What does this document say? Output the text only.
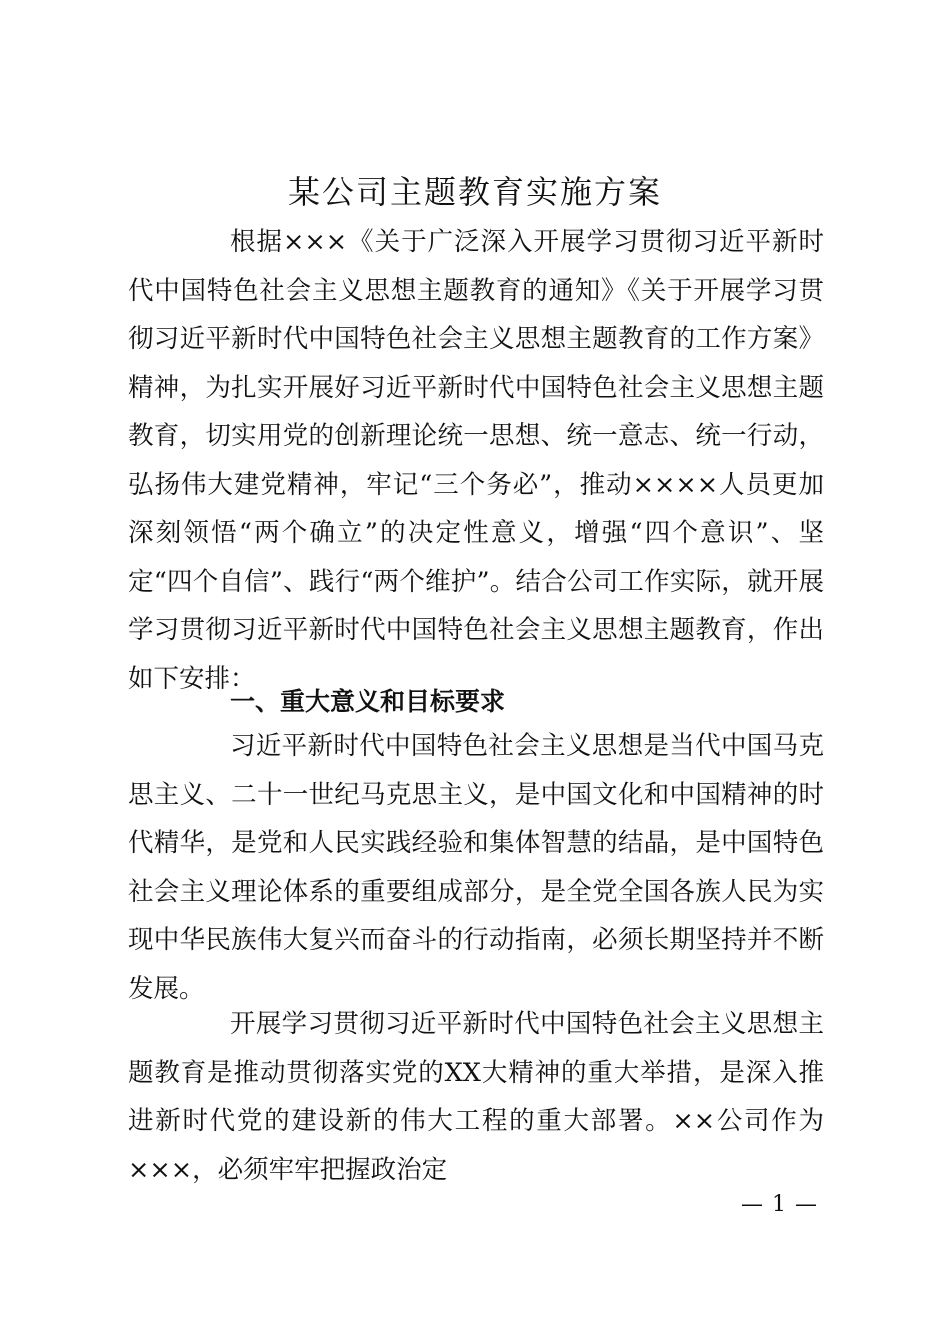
某公司主题教育实施方案

根据×××《关于广泛深入开展学习贯彻习近平新时代中国特色社会主义思想主题教育的通知》《关于开展学习贯彻习近平新时代中国特色社会主义思想主题教育的工作方案》精神，为扎实开展好习近平新时代中国特色社会主义思想主题教育，切实用党的创新理论统一思想、统一意志、统一行动，弘扬伟大建党精神，牢记“三个务必”，推动××××人员更加深刻领悟“两个确立”的决定性意义，增强“四个意识”、坚定“四个自信”、践行“两个维护”。结合公司工作实际，就开展学习贯彻习近平新时代中国特色社会主义思想主题教育，作出如下安排：

一、重大意义和目标要求

习近平新时代中国特色社会主义思想是当代中国马克思主义、二十一世纪马克思主义，是中国文化和中国精神的时代精华，是党和人民实践经验和集体智慧的结晶，是中国特色社会主义理论体系的重要组成部分，是全党全国各族人民为实现中华民族伟大复兴而奋斗的行动指南，必须长期坚持并不断发展。

开展学习贯彻习近平新时代中国特色社会主义思想主题教育是推动贯彻落实党的XX大精神的重大举措，是深入推进新时代党的建设新的伟大工程的重大部署。××公司作为×××，必须牢牢把握政治定

— 1 —
